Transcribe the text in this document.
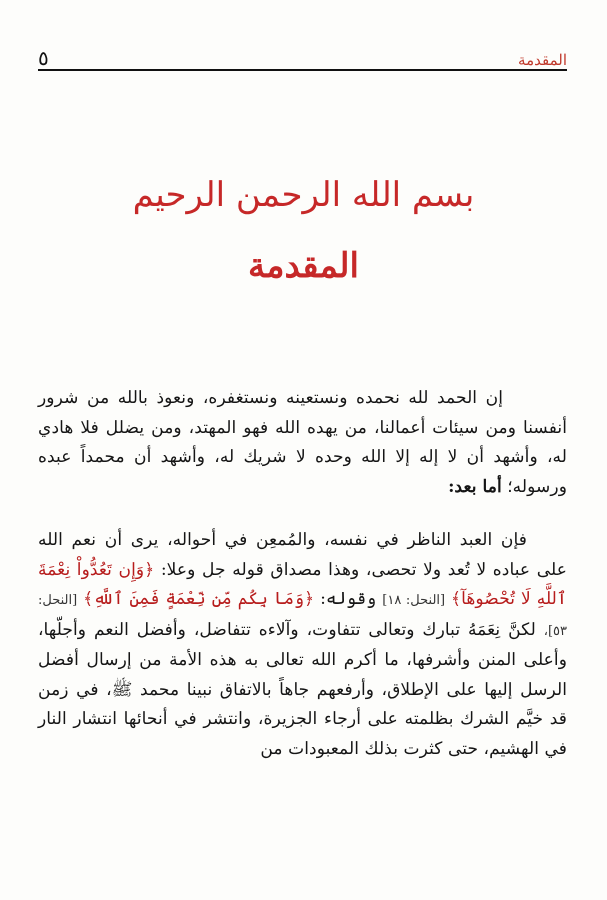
٥	المقدمة
بسم الله الرحمن الرحيم
المقدمة

إن الحمد لله نحمده ونستعينه ونستغفره، ونعوذ بالله من شرور أنفسنا ومن سيئات أعمالنا، من يهده الله فهو المهتد، ومن يضلل فلا هادي له، وأشهد أن لا إله إلا الله وحده لا شريك له، وأشهد أن محمداً عبده ورسوله؛ أما بعد:

فإن العبد الناظر في نفسه، والمُمعِن في أحواله، يرى أن نعم الله على عباده لا تُعد ولا تحصى، وهذا مصداق قوله جل وعلا: ﴿وَإِن تَعُدُّواْ نِعْمَةَ ٱللَّهِ لَا تُحْصُوهَآ﴾ [النحل: ١٨] وقوله: ﴿وَمَا بِكُم مِّن نِّعْمَةٍ فَمِنَ ٱللَّهِ﴾ [النحل: ٥٣]، لكنَّ نِعَمَهُ تبارك وتعالى تتفاوت، وآلاءه تتفاضل، وأفضل النعم وأجلّها، وأعلى المنن وأشرفها، ما أكرم الله تعالى به هذه الأمة من إرسال أفضل الرسل إليها على الإطلاق، وأرفعهم جاهاً بالاتفاق نبينا محمد ﷺ، في زمن قد خيَّم الشرك بظلمته على أرجاء الجزيرة، وانتشر في أنحائها انتشار النار في الهشيم، حتى كثرت بذلك المعبودات من
